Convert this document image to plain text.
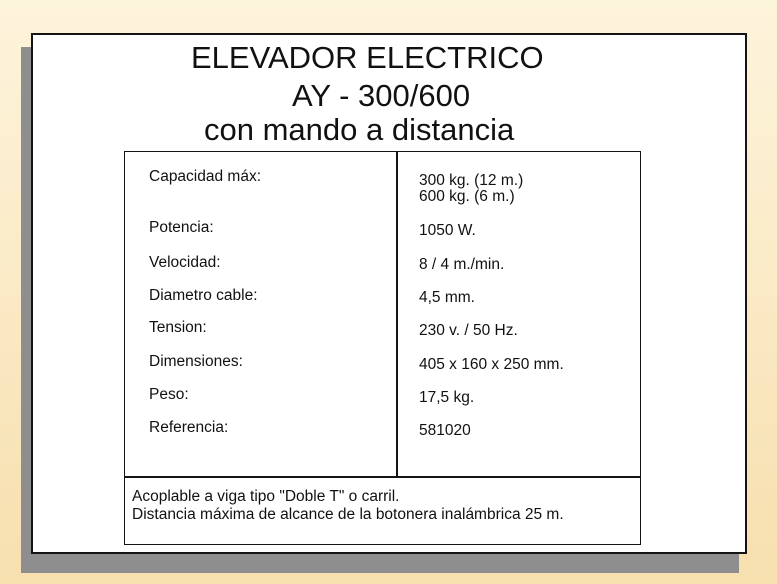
ELEVADOR ELECTRICO
AY - 300/600
con mando a distancia
Capacidad máx:	300 kg. (12 m.)
600 kg. (6 m.)
Potencia:	1050 W.
Velocidad:	8 / 4 m./min.
Diametro cable:	4,5 mm.
Tension:	230 v. / 50 Hz.
Dimensiones:	405 x 160 x 250 mm.
Peso:	17,5 kg.
Referencia:	581020
Acoplable a viga tipo "Doble T" o carril.
Distancia máxima de alcance de la botonera inalámbrica 25 m.
